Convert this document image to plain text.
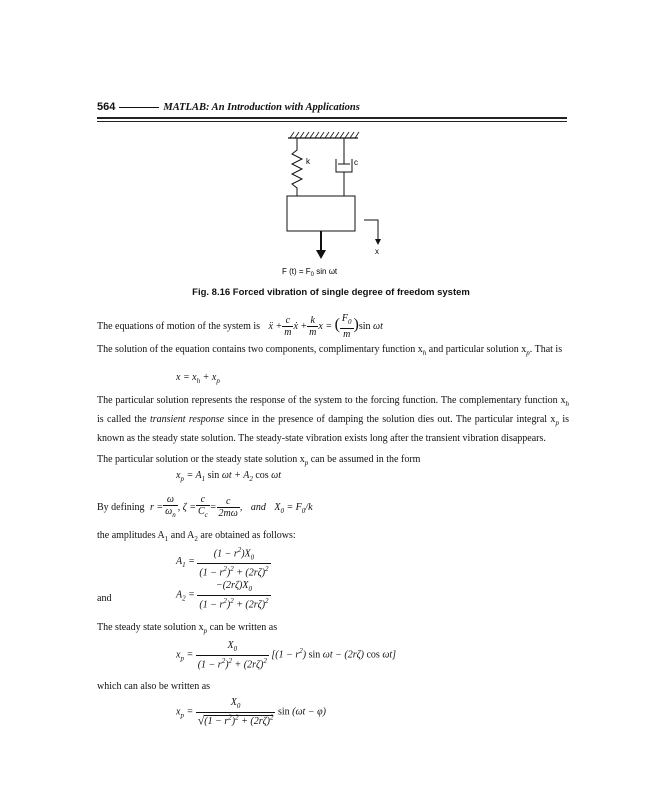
564	MATLAB: An Introduction with Applications
k	c
x
F $(t) = F_0$ sin ωt
Fig. 8.16 Forced vibration of single degree of freedom system
The equations of motion of the system is ẍ + $\frac{c}{m}$ ẋ + $\frac{k}{m}$ x = ( $\frac{F_0}{m} )\sin$ ωt
The solution of the equation contains two components, complimentary function $x_h$ and particular solution $x_p$. That is
$x = x_h + x_p$
The particular solution represents the response of the system to the forcing function. The complementary function $x_h$ is called the transient response since in the presence of damping the solution dies out. The particular integral $x_p$ is known as the steady state solution. The steady-state vibration exists long after the transient vibration disappears.
The particular solution or the steady state solution $x_p$ can be assumed in the form
$x_p = A_1$ $\sin \omega t + A_2$ cos ωt
By defining $r = \frac{\omega}{\omega_n}$ , $\zeta = \frac{c}{C_c} = \frac{c}{2m\omega}$ , and $X_0 = F_0/k$
the amplitudes $A_1$ and $A_2$ are obtained as follows:
$A_1 = \frac{(1 - r^2)X_0}{(1 - r^2)^2 + (2r\zeta)^2}$
and	$A_2 = \frac{-(2r\zeta)X_0}{(1 - r^2)^2 + (2r\zeta)^2}$
The steady state solution $x_p$ can be written as
$x_p = \frac{X_0}{(1 - r^2)^2 + (2r\zeta)^2} [(1 - r^2)$ sin ωt − (2rζ) cos ωt]
which can also be written as
$x_p = \frac{X_0}{√(1 - r^2)^2 + (2r\zeta)^2}$ sin (ωt − φ)
